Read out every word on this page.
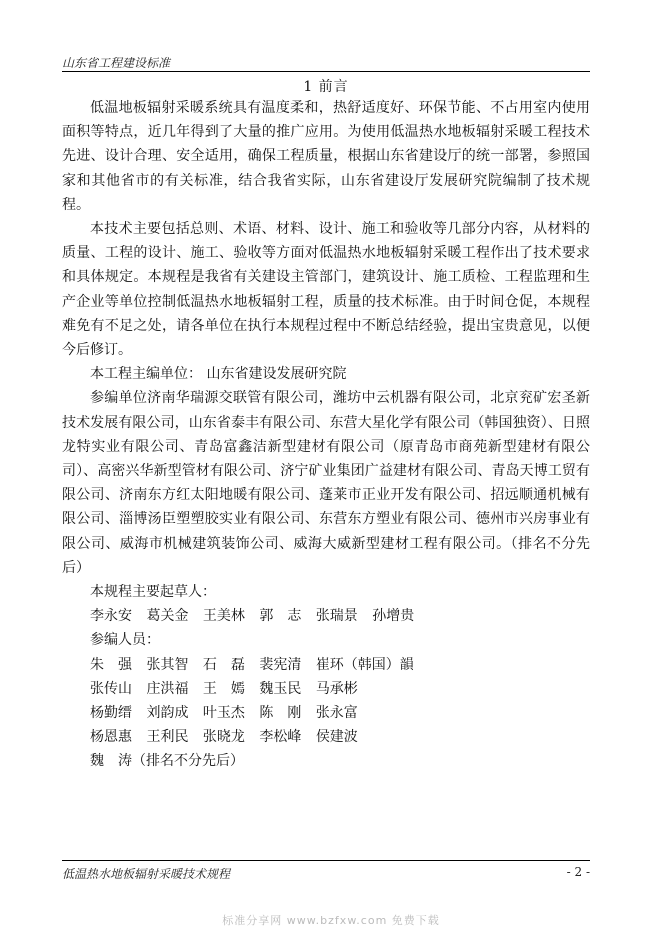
山东省工程建设标准
1 前言

低温地板辐射采暖系统具有温度柔和，热舒适度好、环保节能、不占用室内使用面积等特点，近几年得到了大量的推广应用。为使用低温热水地板辐射采暖工程技术先进、设计合理、安全适用，确保工程质量，根据山东省建设厅的统一部署，参照国家和其他省市的有关标准，结合我省实际，山东省建设厅发展研究院编制了技术规程。

本技术主要包括总则、术语、材料、设计、施工和验收等几部分内容，从材料的质量、工程的设计、施工、验收等方面对低温热水地板辐射采暖工程作出了技术要求和具体规定。本规程是我省有关建设主管部门，建筑设计、施工质检、工程监理和生产企业等单位控制低温热水地板辐射工程，质量的技术标准。由于时间仓促，本规程难免有不足之处，请各单位在执行本规程过程中不断总结经验，提出宝贵意见，以便今后修订。

本工程主编单位： 山东省建设发展研究院

参编单位济南华瑞源交联管有限公司，潍坊中云机器有限公司，北京兖矿宏圣新技术发展有限公司，山东省泰丰有限公司、东营大星化学有限公司（韩国独资）、日照龙特实业有限公司、青岛富鑫洁新型建材有限公司（原青岛市商苑新型建材有限公司）、高密兴华新型管材有限公司、济宁矿业集团广益建材有限公司、青岛天博工贸有限公司、济南东方红太阳地暖有限公司、蓬莱市正业开发有限公司、招远顺通机械有限公司、淄博汤臣塑塑胶实业有限公司、东营东方塑业有限公司、德州市兴房事业有限公司、威海市机械建筑装饰公司、威海大威新型建材工程有限公司。（排名不分先后）

本规程主要起草人：

李永安 葛关金 王美林 郭　志 张瑞景 孙增贵

参编人员：

朱　强 张其智 石　磊 裴宪清 崔环（韩国）韻
张传山 庄洪福 王　嫣 魏玉民 马承彬
杨勤缙 刘韵成 叶玉杰 陈　刚 张永富
杨恩惠 王利民 张晓龙 李松峰 侯建波
魏　涛（排名不分先后）
低温热水地板辐射采暖技术规程	- 2 -
标准分享网 www.bzfxw.com 免费下载
